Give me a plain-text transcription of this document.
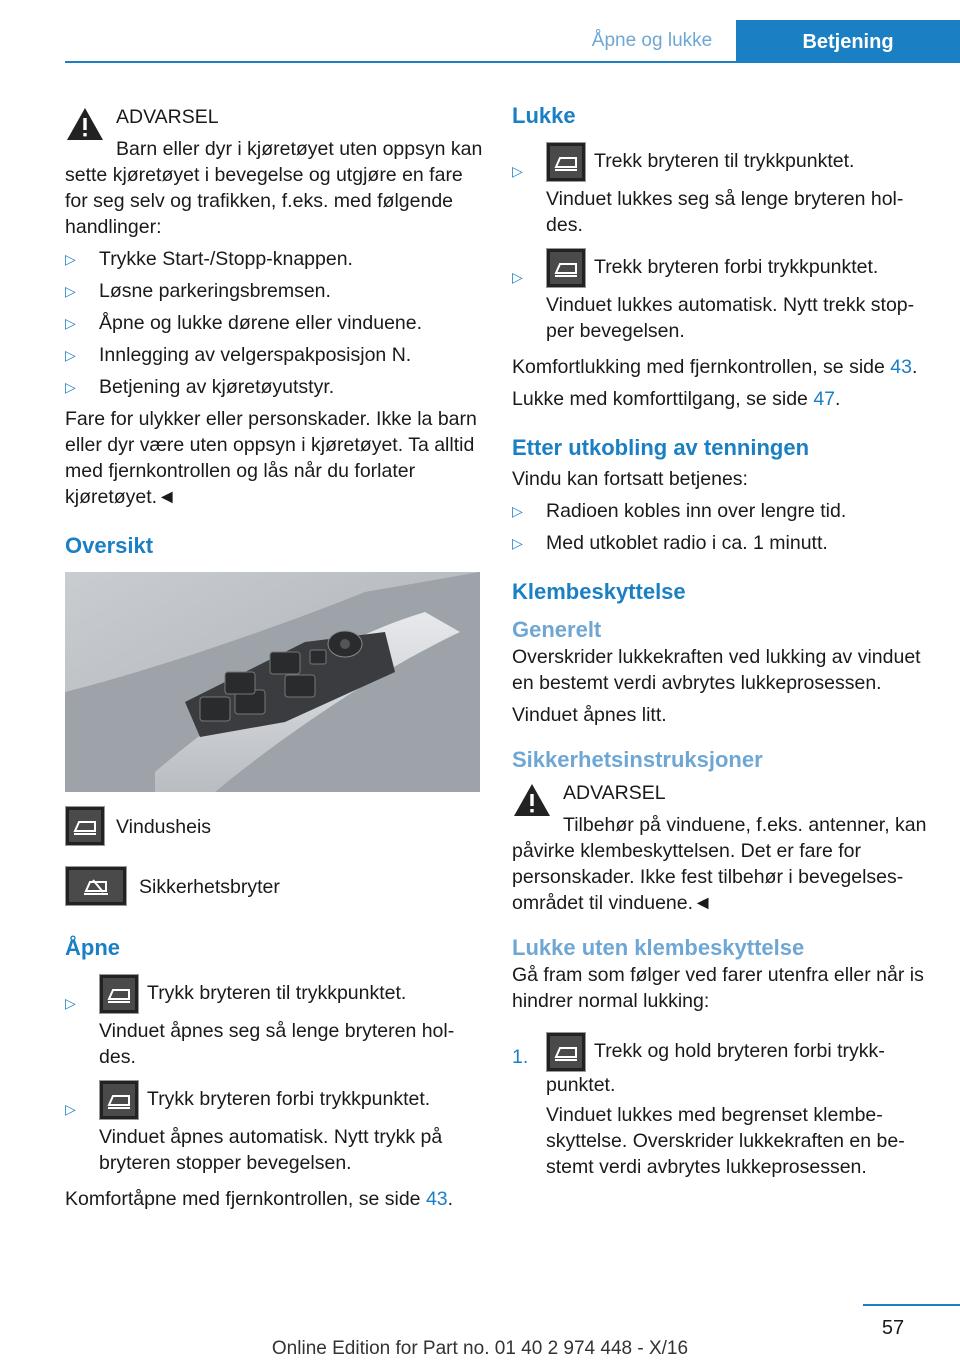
Åpne og lukke	Betjening

ADVARSEL

Barn eller dyr i kjøretøyet uten oppsyn kan sette kjøretøyet i bevegelse og utgjøre en fare for seg selv og trafikken, f.eks. med følgende handlinger:

▷ Trykke Start-/Stopp-knappen.
▷ Løsne parkeringsbremsen.
▷ Åpne og lukke dørene eller vinduene.
▷ Innlegging av velgerspakposisjon N.
▷ Betjening av kjøretøyutstyr.

Fare for ulykker eller personskader. Ikke la barn eller dyr være uten oppsyn i kjøretøyet. Ta alltid med fjernkontrollen og lås når du forlater kjøretøyet.◄

Oversikt
Vindusheis
Sikkerhetsbryter
Åpne
▷	Trykk bryteren til trykkpunktet.

Vinduet åpnes seg så lenge bryteren holdes.

▷	Trykk bryteren forbi trykkpunktet.

Vinduet åpnes automatisk. Nytt trykk på bryteren stopper bevegelsen.

Komfortåpne med fjernkontrollen, se side 43.

Lukke
▷	Trekk bryteren til trykkpunktet.

Vinduet lukkes seg så lenge bryteren holdes.

▷	Trekk bryteren forbi trykkpunktet.

Vinduet lukkes automatisk. Nytt trekk stopper bevegelsen.

Komfortlukking med fjernkontrollen, se side 43.

Lukke med komforttilgang, se side 47.

Etter utkobling av tenningen

Vindu kan fortsatt betjenes:

▷ Radioen kobles inn over lengre tid.
▷ Med utkoblet radio i ca. 1 minutt.
Klembeskyttelse
Generelt

Overskrider lukkekraften ved lukking av vinduet en bestemt verdi avbrytes lukkeprosessen.

Vinduet åpnes litt.

Sikkerhetsinstruksjoner

ADVARSEL

Tilbehør på vinduene, f.eks. antenner, kan påvirke klembeskyttelsen. Det er fare for personskader. Ikke fest tilbehør i bevegelsesområdet til vinduene.◄

Lukke uten klembeskyttelse

Gå fram som følger ved farer utenfra eller når is hindrer normal lukking:

1.	Trekk og hold bryteren forbi trykkpunktet.

Vinduet lukkes med begrenset klembeskyttelse. Overskrider lukkekraften en bestemt verdi avbrytes lukkeprosessen.

57
Online Edition for Part no. 01 40 2 974 448 - X/16
